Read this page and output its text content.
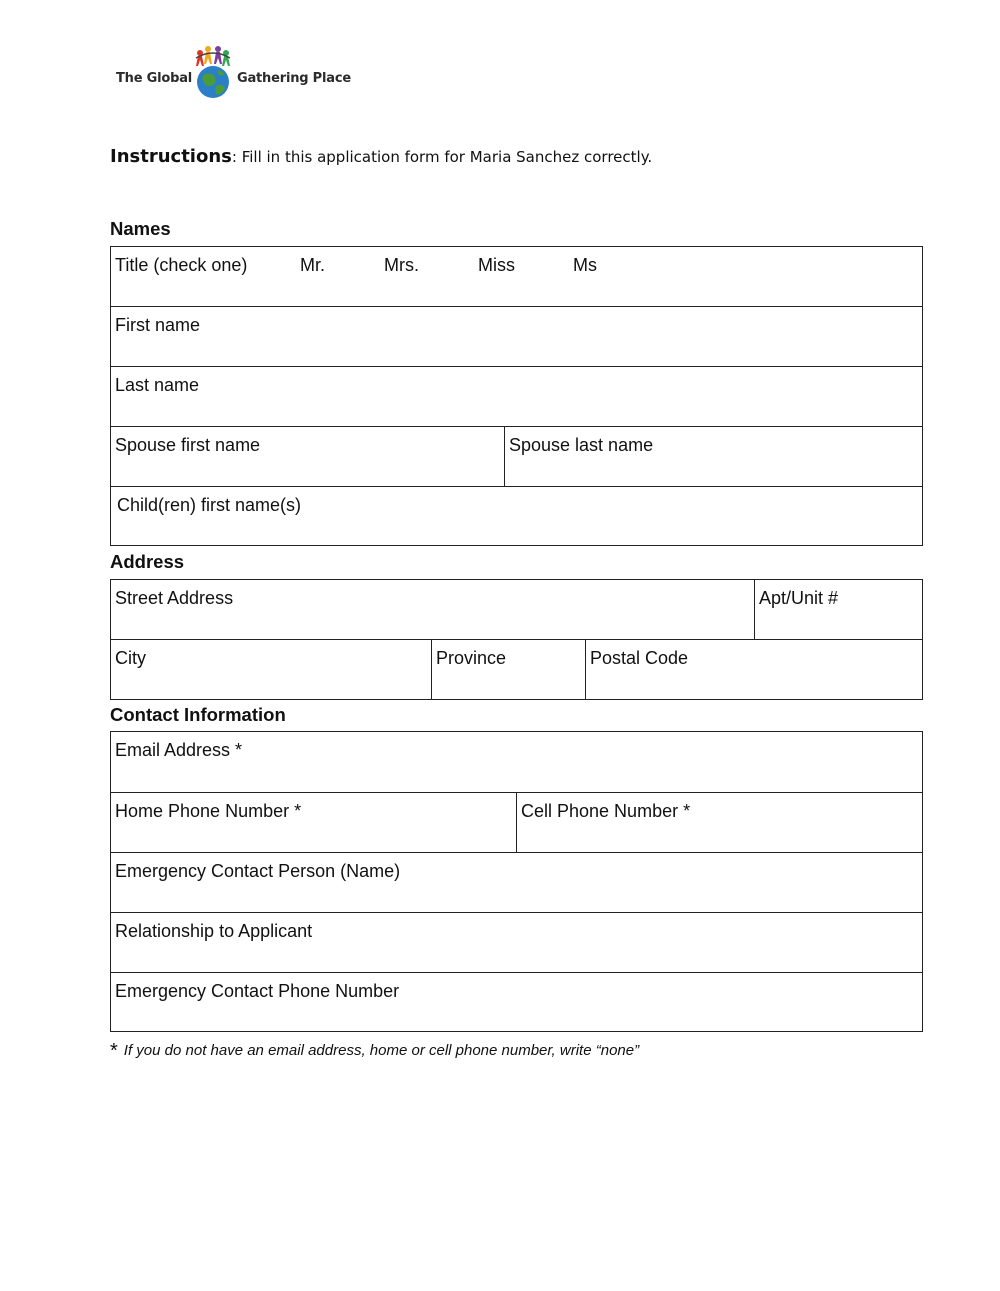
The Global	Gathering Place
Instructions: Fill in this application form for Maria Sanchez correctly.
Names
Title (check one)	Mr.	Mrs.	Miss	Ms
First name
Last name
Spouse first name	Spouse last name
Child(ren) first name(s)
Address
Street Address	Apt/Unit #
City	Province	Postal Code
Contact Information
Email Address *
Home Phone Number *	Cell Phone Number *
Emergency Contact Person (Name)
Relationship to Applicant
Emergency Contact Phone Number
* If you do not have an email address, home or cell phone number, write “none”
